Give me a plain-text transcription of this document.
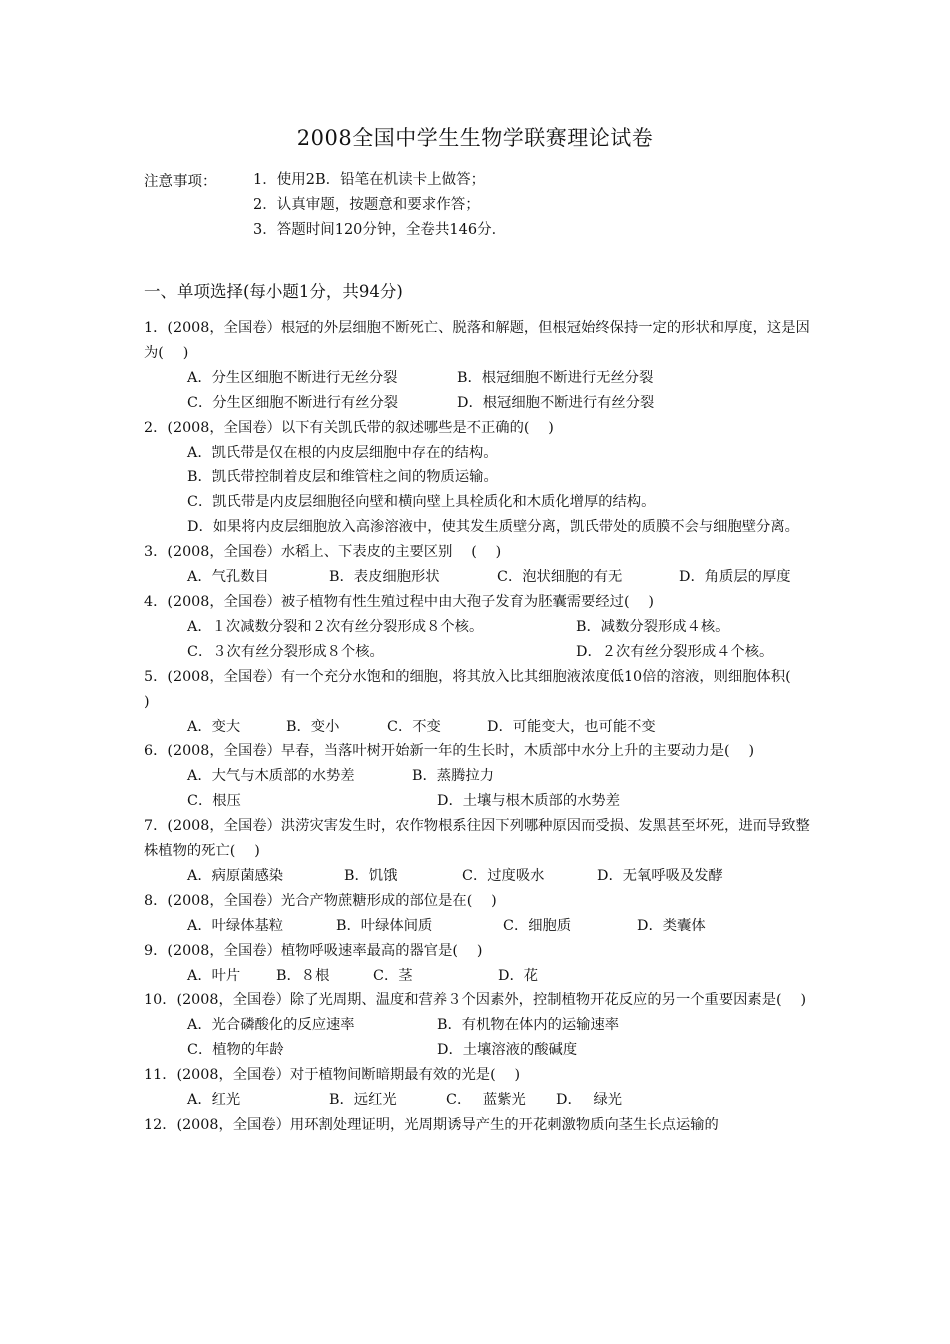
2008全国中学生生物学联赛理论试卷
注意事项：	1．使用2B．铅笔在机读卡上做答；
2．认真审题，按题意和要求作答；
3．答题时间120分钟，全卷共146分．
一、单项选择(每小题1分，共94分)
1．(2008，全国卷）根冠的外层细胞不断死亡、脱落和解题，但根冠始终保持一定的形状和厚度，这是因为(　 )
A．分生区细胞不断进行无丝分裂	B．根冠细胞不断进行无丝分裂
C．分生区细胞不断进行有丝分裂	D．根冠细胞不断进行有丝分裂
2．(2008，全国卷）以下有关凯氏带的叙述哪些是不正确的(　 )
A．凯氏带是仅在根的内皮层细胞中存在的结构。
B．凯氏带控制着皮层和维管柱之间的物质运输。
C．凯氏带是内皮层细胞径向壁和横向壁上具栓质化和木质化增厚的结构。
D．如果将内皮层细胞放入高渗溶液中，使其发生质壁分离，凯氏带处的质膜不会与细胞壁分离。
3．(2008，全国卷）水稻上、下表皮的主要区别　 (　 )
A．气孔数目	B．表皮细胞形状	C．泡状细胞的有无	D．角质层的厚度
4．(2008，全国卷）被子植物有性生殖过程中由大孢子发育为胚囊需要经过(　 )
A．１次减数分裂和２次有丝分裂形成８个核。	B．减数分裂形成４核。
C．３次有丝分裂形成８个核。	D．２次有丝分裂形成４个核。
5．(2008，全国卷）有一个充分水饱和的细胞，将其放入比其细胞液浓度低10倍的溶液，则细胞体积(　 )
A．变大	B．变小	C．不变	D．可能变大，也可能不变
6．(2008，全国卷）早春，当落叶树开始新一年的生长时，木质部中水分上升的主要动力是(　 )
A．大气与木质部的水势差	B．蒸腾拉力
C．根压	D．土壤与根木质部的水势差
7．(2008，全国卷）洪涝灾害发生时，农作物根系往因下列哪种原因而受损、发黑甚至坏死，进而导致整株植物的死亡(　 )
A．病原菌感染	B．饥饿	C．过度吸水	D．无氧呼吸及发酵
8．(2008，全国卷）光合产物蔗糖形成的部位是在(　 )
A．叶绿体基粒	B．叶绿体间质	C．细胞质	D．类囊体
9．(2008，全国卷）植物呼吸速率最高的器官是(　 )
A．叶片	B．８根	C．茎	D．花
10．(2008，全国卷）除了光周期、温度和营养３个因素外，控制植物开花反应的另一个重要因素是(　 )
A．光合磷酸化的反应速率	B．有机物在体内的运输速率
C．植物的年龄	D．土壤溶液的酸碱度
11．(2008，全国卷）对于植物间断暗期最有效的光是(　 )
A．红光	B．远红光	C．　 蓝紫光	D．　 绿光
12．(2008，全国卷）用环割处理证明，光周期诱导产生的开花刺激物质向茎生长点运输的
